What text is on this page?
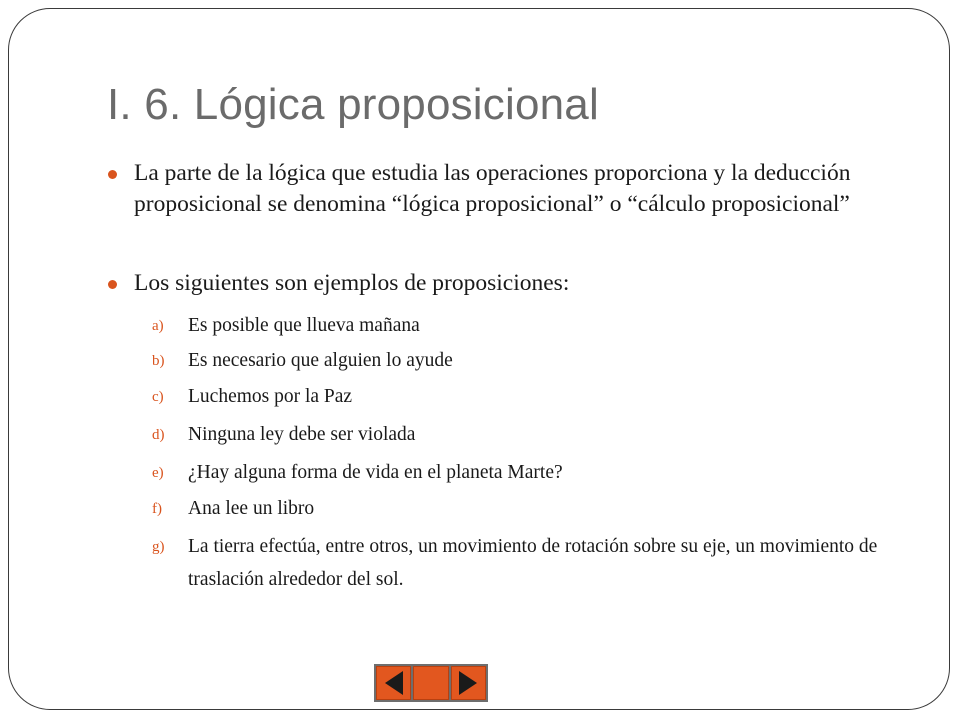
I. 6. Lógica proposicional
La parte de la lógica que estudia las operaciones proporciona y la deducción proposicional se denomina “lógica proposicional” o “cálculo proposicional”
Los siguientes son ejemplos de proposiciones:
a) Es posible que llueva mañana
b) Es necesario que alguien lo ayude
c) Luchemos por la Paz
d) Ninguna ley debe ser violada
e) ¿Hay alguna forma de vida en el planeta Marte?
f) Ana lee un libro
g) La tierra efectúa, entre otros, un movimiento de rotación sobre su eje, un movimiento de traslación alrededor del sol.
